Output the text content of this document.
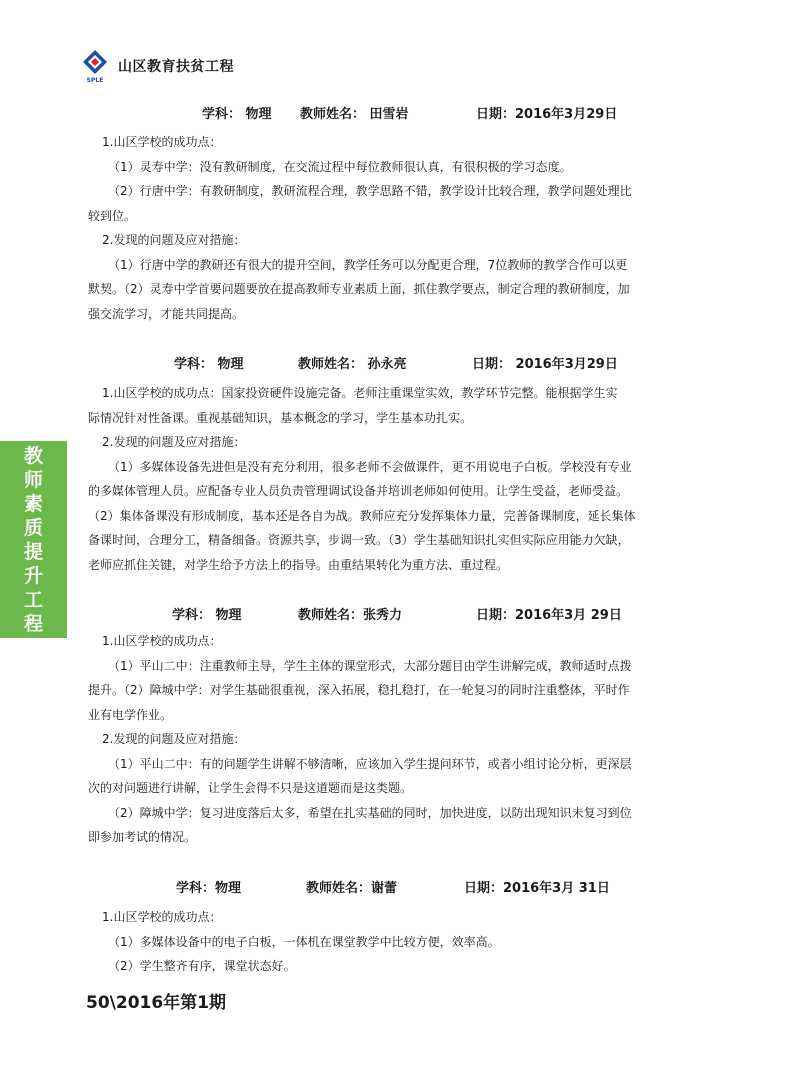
SPLE
山区教育扶贫工程
教
师
素
质
提
升
工
程
学科： 物理 教师姓名： 田雪岩	日期：2016年3月29日
1.山区学校的成功点：
（1）灵寿中学：没有教研制度，在交流过程中每位教师很认真，有很积极的学习态度。
（2）行唐中学：有教研制度，教研流程合理，教学思路不错，教学设计比较合理，教学问题处理比
较到位。
2.发现的问题及应对措施：
（1）行唐中学的教研还有很大的提升空间，教学任务可以分配更合理，7位教师的教学合作可以更
默契。（2）灵寿中学首要问题要放在提高教师专业素质上面，抓住教学要点，制定合理的教研制度，加
强交流学习，才能共同提高。
学科： 物理	教师姓名： 孙永亮	日期： 2016年3月29日
1.山区学校的成功点：国家投资硬件设施完备。老师注重课堂实效，教学环节完整。能根据学生实
际情况针对性备课。重视基础知识，基本概念的学习，学生基本功扎实。
2.发现的问题及应对措施：
（1）多媒体设备先进但是没有充分利用，很多老师不会做课件，更不用说电子白板。学校没有专业
的多媒体管理人员。应配备专业人员负责管理调试设备并培训老师如何使用。让学生受益，老师受益。
（2）集体备课没有形成制度，基本还是各自为战。教师应充分发挥集体力量，完善备课制度，延长集体
备课时间，合理分工，精备细备。资源共享，步调一致。（3）学生基础知识扎实但实际应用能力欠缺，
老师应抓住关键，对学生给予方法上的指导。由重结果转化为重方法、重过程。
学科： 物理	教师姓名：张秀力	日期：2016年3月 29日
1.山区学校的成功点：
（1）平山二中：注重教师主导，学生主体的课堂形式，大部分题目由学生讲解完成，教师适时点拨
提升。（2）障城中学：对学生基础很重视，深入拓展，稳扎稳打，在一轮复习的同时注重整体，平时作
业有电学作业。
2.发现的问题及应对措施：
（1）平山二中：有的问题学生讲解不够清晰，应该加入学生提问环节，或者小组讨论分析，更深层
次的对问题进行讲解，让学生会得不只是这道题而是这类题。
（2）障城中学：复习进度落后太多，希望在扎实基础的同时，加快进度，以防出现知识未复习到位
即参加考试的情况。
学科：物理	教师姓名：谢蕾	日期：2016年3月 31日
1.山区学校的成功点：
（1）多媒体设备中的电子白板，一体机在课堂教学中比较方便，效率高。
（2）学生整齐有序，课堂状态好。
50\2016年第1期
